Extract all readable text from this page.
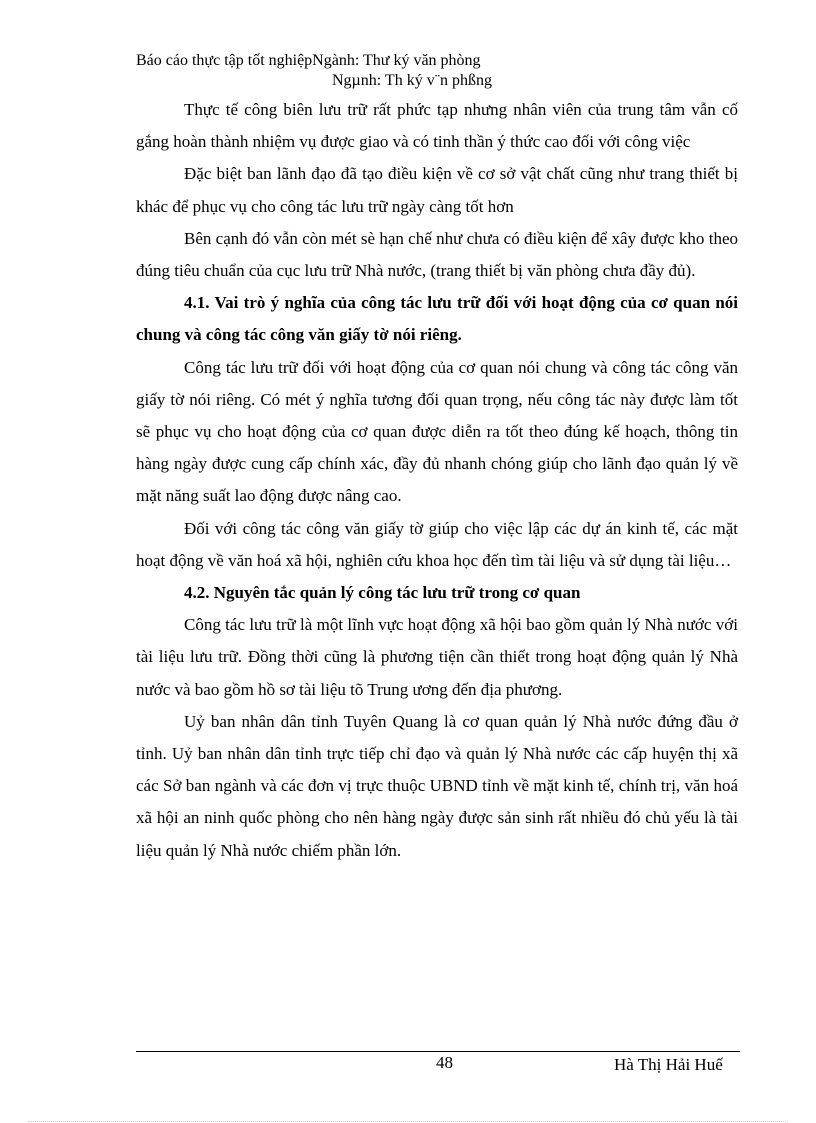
Báo cáo thực tập tốt nghiệpNgành: Thư ký văn phòng
Ngµnh: Th ký v¨n phßng

Thực tế công biên lưu trữ rất phức tạp nhưng nhân viên của trung tâm vẫn cố gắng hoàn thành nhiệm vụ được giao và có tinh thần ý thức cao đối với công việc

Đặc biệt ban lãnh đạo đã tạo điều kiện về cơ sở vật chất cũng như trang thiết bị khác để phục vụ cho công tác lưu trữ ngày càng tốt hơn

Bên cạnh đó vẫn còn mét sè hạn chế như chưa có điều kiện để xây được kho theo đúng tiêu chuẩn của cục lưu trữ Nhà nước, (trang thiết bị văn phòng chưa đầy đủ).

4.1. Vai trò ý nghĩa của công tác lưu trữ đối với hoạt động của cơ quan nói chung và công tác công văn giấy tờ nói riêng.

Công tác lưu trữ đối với hoạt động của cơ quan nói chung và công tác công văn giấy tờ nói riêng. Có mét ý nghĩa tương đối quan trọng, nếu công tác này được làm tốt sẽ phục vụ cho hoạt động của cơ quan được diễn ra tốt theo đúng kế hoạch, thông tin hàng ngày được cung cấp chính xác, đầy đủ nhanh chóng giúp cho lãnh đạo quản lý về mặt năng suất lao động được nâng cao.

Đối với công tác công văn giấy tờ giúp cho việc lập các dự án kinh tế, các mặt hoạt động về văn hoá xã hội, nghiên cứu khoa học đến tìm tài liệu và sử dụng tài liệu…

4.2. Nguyên tắc quản lý công tác lưu trữ trong cơ quan

Công tác lưu trữ là một lĩnh vực hoạt động xã hội bao gồm quản lý Nhà nước với tài liệu lưu trữ. Đồng thời cũng là phương tiện cần thiết trong hoạt động quản lý Nhà nước và bao gồm hồ sơ tài liệu tõ Trung ương đến địa phương.

Uỷ ban nhân dân tỉnh Tuyên Quang là cơ quan quản lý Nhà nước đứng đầu ở tỉnh. Uỷ ban nhân dân tỉnh trực tiếp chỉ đạo và quản lý Nhà nước các cấp huyện thị xã các Sở ban ngành và các đơn vị trực thuộc UBND tỉnh về mặt kinh tế, chính trị, văn hoá xã hội an ninh quốc phòng cho nên hàng ngày được sản sinh rất nhiều đó chủ yếu là tài liệu quản lý Nhà nước chiếm phần lớn.

48	Hà Thị Hải Huế
